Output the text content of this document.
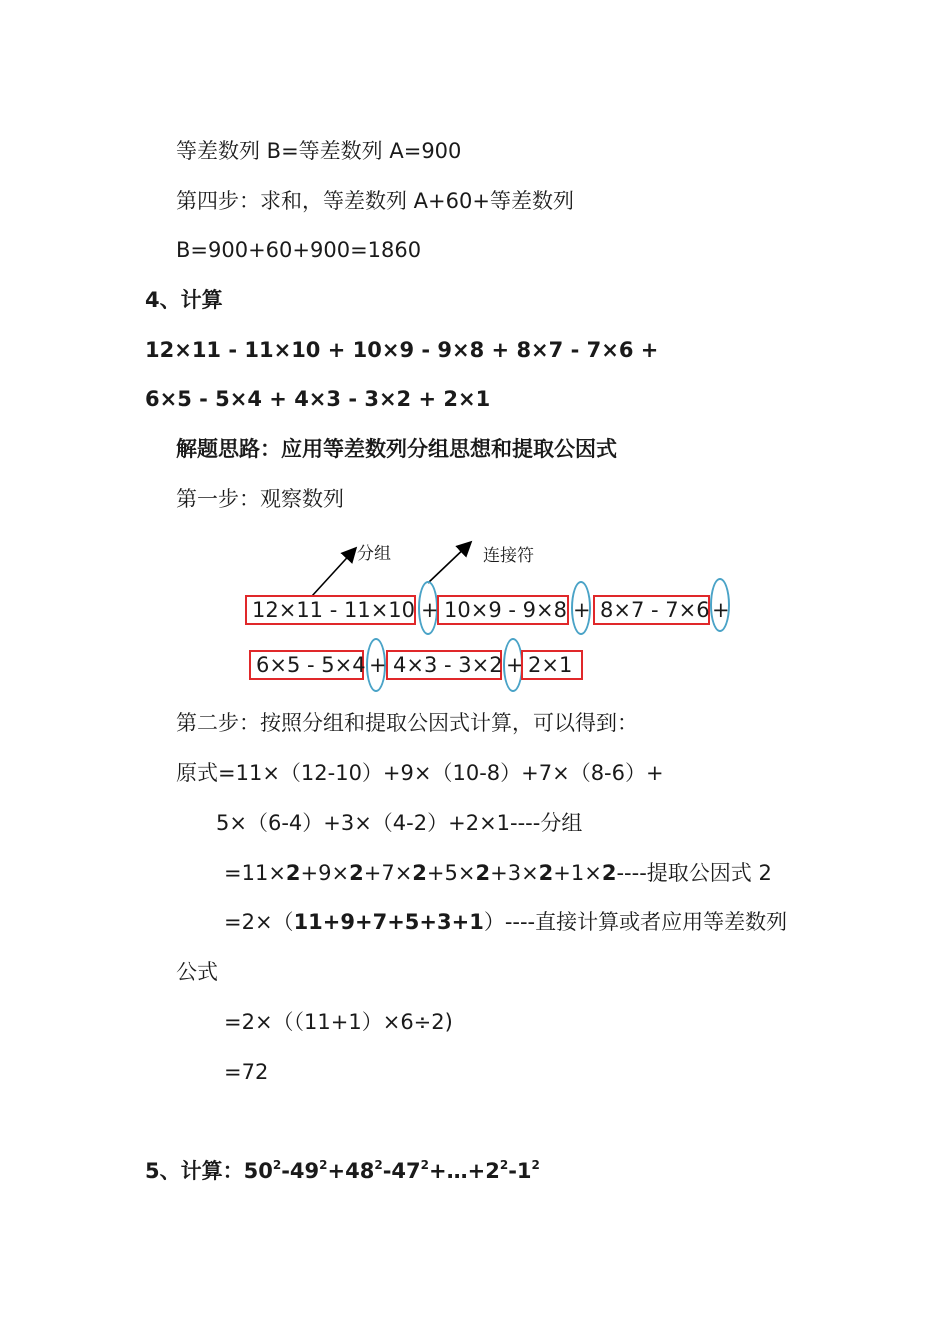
等差数列 B=等差数列 A=900
第四步：求和，等差数列 A+60+等差数列
B=900+60+900=1860
4、计算
12×11 - 11×10 + 10×9 - 9×8 + 8×7 - 7×6 +
6×5 - 5×4 + 4×3 - 3×2 + 2×1
解题思路：应用等差数列分组思想和提取公因式
第一步：观察数列
分组	连接符
12×11 - 11×10 + 10×9 - 9×8 + 8×7 - 7×6 +
6×5 - 5×4 + 4×3 - 3×2 + 2×1
第二步：按照分组和提取公因式计算，可以得到：
原式=11×（12-10）+9×（10-8）+7×（8-6）+
5×（6-4）+3×（4-2）+2×1----分组
=11×2+9×2+7×2+5×2+3×2+1×2----提取公因式 2
=2×（11+9+7+5+3+1）----直接计算或者应用等差数列
公式
=2×（（11+1）×6÷2)
=72
5、计算：$50^2-49^2+48^2-47^2+\dots+2^2-1^2$
